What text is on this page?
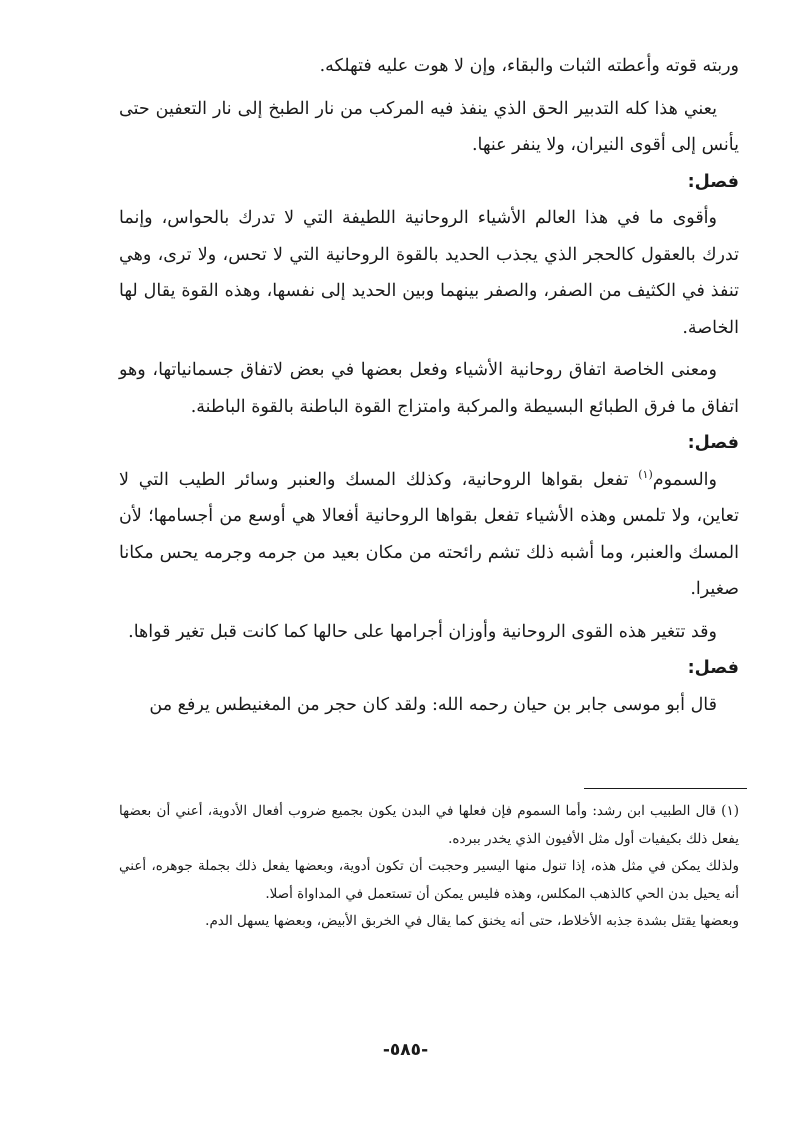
وربته قوته وأعطته الثبات والبقاء، وإن لا هوت عليه فتهلكه.

يعني هذا كله التدبير الحق الذي ينفذ فيه المركب من نار الطبخ إلى نار التعفين حتى يأنس إلى أقوى النيران، ولا ينفر عنها.

فصل:

وأقوى ما في هذا العالم الأشياء الروحانية اللطيفة التي لا تدرك بالحواس، وإنما تدرك بالعقول كالحجر الذي يجذب الحديد بالقوة الروحانية التي لا تحس، ولا ترى، وهي تنفذ في الكثيف من الصفر، والصفر بينهما وبين الحديد إلى نفسها، وهذه القوة يقال لها الخاصة.

ومعنى الخاصة اتفاق روحانية الأشياء وفعل بعضها في بعض لاتفاق جسمانياتها، وهو اتفاق ما فرق الطبائع البسيطة والمركبة وامتزاج القوة الباطنة بالقوة الباطنة.

فصل:

والسموم$^{(١)}$ تفعل بقواها الروحانية، وكذلك المسك والعنبر وسائر الطيب التي لا تعاين، ولا تلمس وهذه الأشياء تفعل بقواها الروحانية أفعالا هي أوسع من أجسامها؛ لأن المسك والعنبر، وما أشبه ذلك تشم رائحته من مكان بعيد من جرمه وجرمه يحس مكانا صغيرا.

وقد تتغير هذه القوى الروحانية وأوزان أجرامها على حالها كما كانت قبل تغير قواها.

فصل:

قال أبو موسى جابر بن حيان رحمه الله: ولقد كان حجر من المغنيطس يرفع من

(١) قال الطبيب ابن رشد: وأما السموم فإن فعلها في البدن يكون بجميع ضروب أفعال الأدوية، أعني أن بعضها يفعل ذلك بكيفيات أول مثل الأفيون الذي يخدر ببرده.

ولذلك يمكن في مثل هذه، إذا تنول منها اليسير وحجبت أن تكون أدوية، وبعضها يفعل ذلك بجملة جوهره، أعني أنه يحيل بدن الحي كالذهب المكلس، وهذه فليس يمكن أن تستعمل في المداواة أصلا.

وبعضها يقتل بشدة جذبه الأخلاط، حتى أنه يخنق كما يقال في الخربق الأبيض، وبعضها يسهل الدم.

-٥٨٥-
